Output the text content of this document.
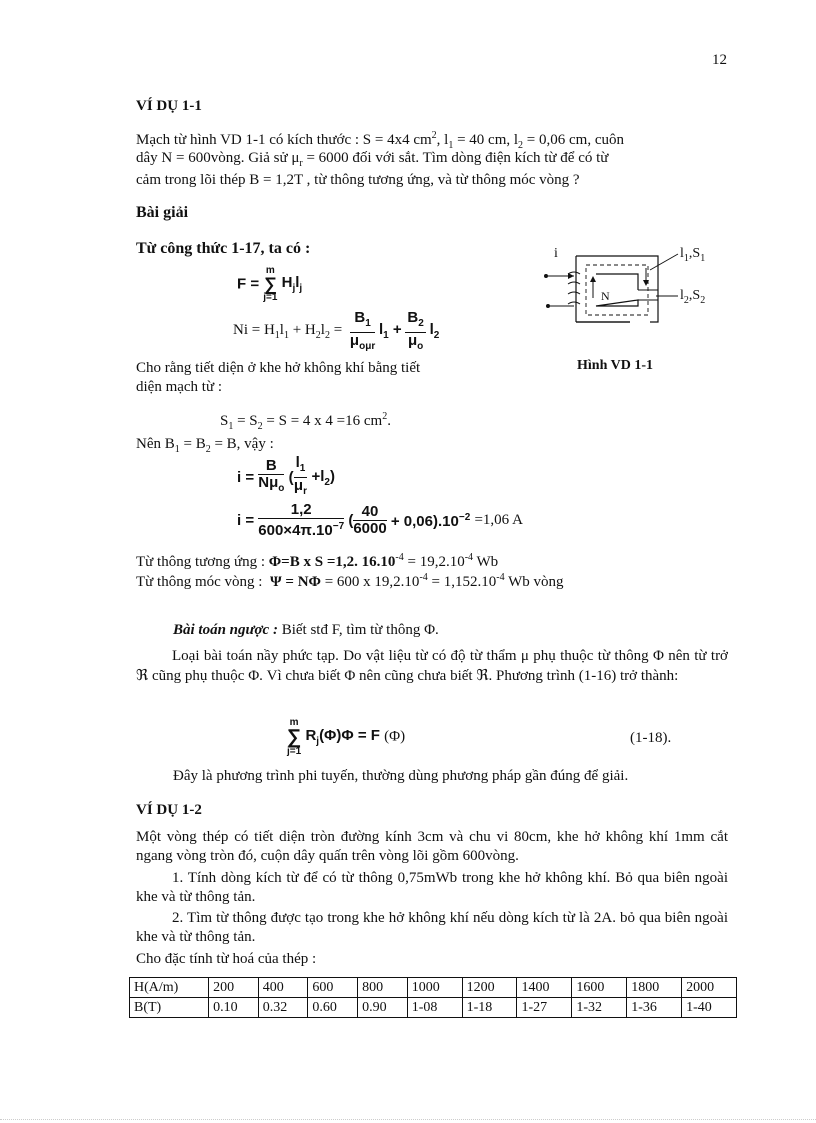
12
VÍ DỤ 1-1
Mạch từ hình VD 1-1 có kích thước : S = 4x4 $cm^2$, $l_1 = 40$ cm, $l_2 = 0,06$ cm, cuôn
dây N = 600vòng. Giả sử $\mu_r = 6000$ đối với sắt. Tìm dòng điện kích từ để có từ
cảm trong lõi thép B = 1,2T , từ thông tương ứng, và từ thông móc vòng ?
Bài giải
Từ công thức 1-17, ta có :
F =
m
∑
j=1
$H_jl_j$
$Ni = H_1l_1 + H_2l_2 = \frac{B_1}{\mu_{o\mu r}} l_1 + \frac{B_2}{\mu_o} l_2$
Cho rằng tiết diện ở khe hở không khí bằng tiết
diện mạch từ :
$S_1 = S_2 = S = 4$ x 4 =16 $cm^2$.
Nên $B_1 = B_2 = B$, vậy :
$i = \frac{B}{N\mu_o}$ ( $\frac{l_1}{\mu_r} +l_2$)
$i = \frac{1,2}{600\times 4\pi.10^{-7}}$ ( $\frac{40}{6000} + 0,06).10^{-2} =1,06$ A
Từ thông tương ứng : Φ=B x S =1,2. $16.10^{-4} = 19,2.10^{-4}$ Wb
Từ thông móc vòng : Ψ = NΦ = 600 x $19,2.10^{-4} = 1,152.10^{-4}$ Wb vòng
i
N
$l_1,S_1$
$l_2,S_2$
Hình VD 1-1
Bài toán ngược : Biết stđ F, tìm từ thông Φ.
Loại bài toán nầy phức tạp. Do vật liệu từ có độ từ thẩm μ phụ thuộc từ thông Φ nên từ trở ℜ cũng phụ thuộc Φ. Vì chưa biết Φ nên cũng chưa biết ℜ. Phương trình (1-16) trở thành:
m
∑
j=1
$R_j(\Phi)\Phi = F$ (Φ)	(1-18).
Đây là phương trình phi tuyến, thường dùng phương pháp gần đúng để giải.
VÍ DỤ 1-2
Một vòng thép có tiết diện tròn đường kính 3cm và chu vi 80cm, khe hở không khí 1mm cắt ngang vòng tròn đó, cuộn dây quấn trên vòng lõi gồm 600vòng.
1. Tính dòng kích từ để có từ thông 0,75mWb trong khe hở không khí. Bỏ qua biên ngoài khe và từ thông tản.
2. Tìm từ thông được tạo trong khe hở không khí nếu dòng kích từ là 2A. bỏ qua biên ngoài khe và từ thông tản.
Cho đặc tính từ hoá của thép :
H(A/m)	200	400	600	800	1000	1200	1400	1600	1800	2000
B(T)	0.10	0.32	0.60	0.90	1-08	1-18	1-27	1-32	1-36	1-40
